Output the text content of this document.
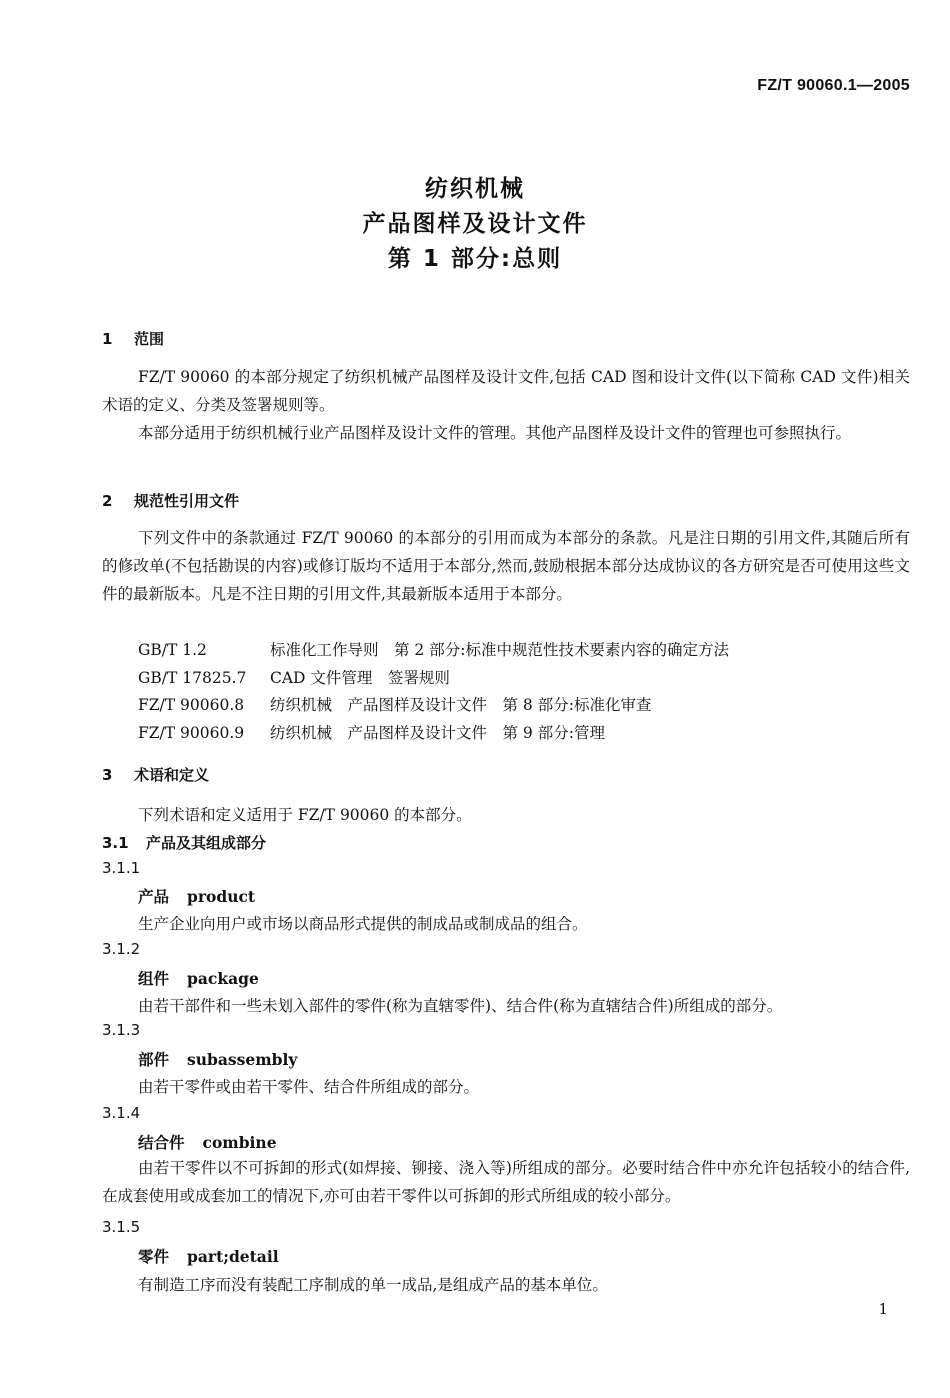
FZ/T 90060.1—2005
纺织机械
产品图样及设计文件
第 1 部分:总则
1 范围
FZ/T 90060 的本部分规定了纺织机械产品图样及设计文件,包括 CAD 图和设计文件(以下简称 CAD 文件)相关术语的定义、分类及签署规则等。
本部分适用于纺织机械行业产品图样及设计文件的管理。其他产品图样及设计文件的管理也可参照执行。
2 规范性引用文件
下列文件中的条款通过 FZ/T 90060 的本部分的引用而成为本部分的条款。凡是注日期的引用文件,其随后所有的修改单(不包括勘误的内容)或修订版均不适用于本部分,然而,鼓励根据本部分达成协议的各方研究是否可使用这些文件的最新版本。凡是不注日期的引用文件,其最新版本适用于本部分。
GB/T 1.2	标准化工作导则　第 2 部分:标准中规范性技术要素内容的确定方法
GB/T 17825.7 CAD 文件管理　签署规则
FZ/T 90060.8 纺织机械　产品图样及设计文件　第 8 部分:标准化审查
FZ/T 90060.9 纺织机械　产品图样及设计文件　第 9 部分:管理
3 术语和定义
下列术语和定义适用于 FZ/T 90060 的本部分。
3.1 产品及其组成部分
3.1.1
产品 product
生产企业向用户或市场以商品形式提供的制成品或制成品的组合。
3.1.2
组件 package
由若干部件和一些未划入部件的零件(称为直辖零件)、结合件(称为直辖结合件)所组成的部分。
3.1.3
部件 subassembly
由若干零件或由若干零件、结合件所组成的部分。
3.1.4
结合件 combine
由若干零件以不可拆卸的形式(如焊接、铆接、浇入等)所组成的部分。必要时结合件中亦允许包括较小的结合件,在成套使用或成套加工的情况下,亦可由若干零件以可拆卸的形式所组成的较小部分。
3.1.5
零件 part;detail
有制造工序而没有装配工序制成的单一成品,是组成产品的基本单位。
1
